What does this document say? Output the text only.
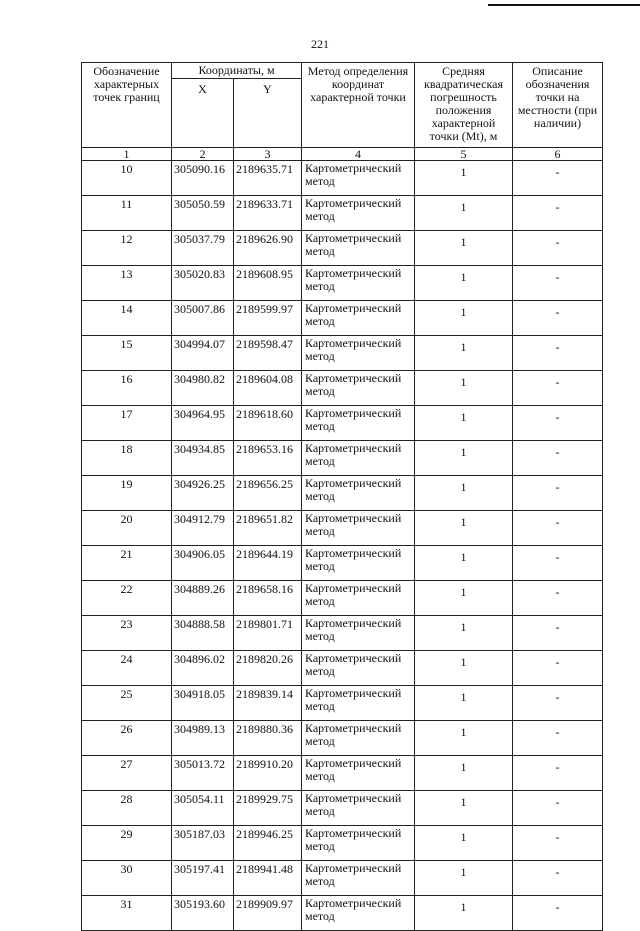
221
Обозначение характерных точек границ	Координаты, м		Метод определения координат характерной точки	Средняя квадратическая погрешность положения характерной точки (Mt), м	Описание обозначения точки на местности (при наличии)
	X	Y			
1	2	3	4	5	6
10	305090.16	2189635.71	Картометрический метод	1	-
11	305050.59	2189633.71	Картометрический метод	1	-
12	305037.79	2189626.90	Картометрический метод	1	-
13	305020.83	2189608.95	Картометрический метод	1	-
14	305007.86	2189599.97	Картометрический метод	1	-
15	304994.07	2189598.47	Картометрический метод	1	-
16	304980.82	2189604.08	Картометрический метод	1	-
17	304964.95	2189618.60	Картометрический метод	1	-
18	304934.85	2189653.16	Картометрический метод	1	-
19	304926.25	2189656.25	Картометрический метод	1	-
20	304912.79	2189651.82	Картометрический метод	1	-
21	304906.05	2189644.19	Картометрический метод	1	-
22	304889.26	2189658.16	Картометрический метод	1	-
23	304888.58	2189801.71	Картометрический метод	1	-
24	304896.02	2189820.26	Картометрический метод	1	-
25	304918.05	2189839.14	Картометрический метод	1	-
26	304989.13	2189880.36	Картометрический метод	1	-
27	305013.72	2189910.20	Картометрический метод	1	-
28	305054.11	2189929.75	Картометрический метод	1	-
29	305187.03	2189946.25	Картометрический метод	1	-
30	305197.41	2189941.48	Картометрический метод	1	-
31	305193.60	2189909.97	Картометрический метод	1	-
